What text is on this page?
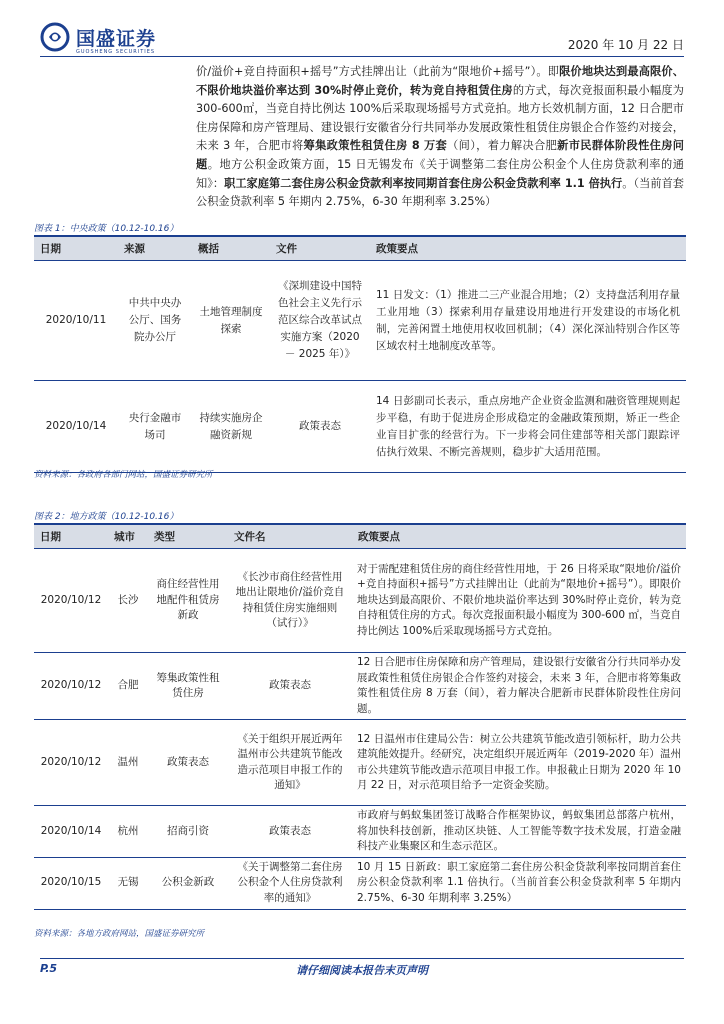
国盛证券
GUOSHENG SECURITIES	2020 年 10 月 22 日
价/溢价+竞自持面积+摇号”方式挂牌出让（此前为“限地价+摇号”）。即限价地块达到最高限价、不限价地块溢价率达到 30%时停止竞价，转为竞自持租赁住房的方式，每次竞报面积最小幅度为300-600㎡，当竞自持比例达 100%后采取现场摇号方式竞拍。地方长效机制方面，12 日合肥市住房保障和房产管理局、建设银行安徽省分行共同举办发展政策性租赁住房银企合作签约对接会，未来 3 年，合肥市将筹集政策性租赁住房 8 万套（间），着力解决合肥新市民群体阶段性住房问题。地方公积金政策方面，15 日无锡发布《关于调整第二套住房公积金个人住房贷款利率的通知》：职工家庭第二套住房公积金贷款利率按同期首套住房公积金贷款利率 1.1 倍执行。（当前首套公积金贷款利率 5 年期内 2.75%，6-30 年期利率 3.25%）
图表 1：中央政策（10.12-10.16）
日期	来源	概括	文件	政策要点
2020/10/11	中共中央办公厅、国务院办公厅	土地管理制度探索	《深圳建设中国特色社会主义先行示范区综合改革试点实施方案（2020 － 2025 年）》	11 日发文：（1）推进二三产业混合用地；（2）支持盘活利用存量工业用地（3）探索利用存量建设用地进行开发建设的市场化机制，完善闲置土地使用权收回机制；（4）深化深汕特别合作区等区域农村土地制度改革等。
2020/10/14	央行金融市场司	持续实施房企融资新规	政策表态	14 日彭副司长表示，重点房地产企业资金监测和融资管理规则起步平稳，有助于促进房企形成稳定的金融政策预期，矫正一些企业盲目扩张的经营行为。下一步将会同住建部等相关部门跟踪评估执行效果、不断完善规则，稳步扩大适用范围。
资料来源：各政府各部门网站，国盛证券研究所
图表 2：地方政策（10.12-10.16）
日期	城市	类型	文件名	政策要点
2020/10/12	长沙	商住经营性用地配件租赁房新政	《长沙市商住经营性用地出让限地价/溢价竞自持租赁住房实施细则（试行）》	对于需配建租赁住房的商住经营性用地，于 26 日将采取“限地价/溢价+竞自持面积+摇号”方式挂牌出让（此前为“限地价+摇号”）。即限价地块达到最高限价、不限价地块溢价率达到 30%时停止竞价，转为竞自持租赁住房的方式。每次竞报面积最小幅度为 300-600 ㎡，当竞自持比例达 100%后采取现场摇号方式竞拍。
2020/10/12	合肥	筹集政策性租赁住房	政策表态	12 日合肥市住房保障和房产管理局，建设银行安徽省分行共同举办发展政策性租赁住房银企合作签约对接会，未来 3 年，合肥市将筹集政策性租赁住房 8 万套（间），着力解决合肥新市民群体阶段性住房问题。
2020/10/12	温州	政策表态	《关于组织开展近两年温州市公共建筑节能改造示范项目申报工作的通知》	12 日温州市住建局公告：树立公共建筑节能改造引领标杆，助力公共建筑能效提升。经研究，决定组织开展近两年（2019-2020 年）温州市公共建筑节能改造示范项目申报工作。申报截止日期为 2020 年 10 月 22 日，对示范项目给予一定资金奖励。
2020/10/14	杭州	招商引资	政策表态	市政府与蚂蚁集团签订战略合作框架协议，蚂蚁集团总部落户杭州，将加快科技创新，推动区块链、人工智能等数字技术发展，打造金融科技产业集聚区和生态示范区。
2020/10/15	无锡	公积金新政	《关于调整第二套住房公积金个人住房贷款利率的通知》	10 月 15 日新政：职工家庭第二套住房公积金贷款利率按同期首套住房公积金贷款利率 1.1 倍执行。（当前首套公积金贷款利率 5 年期内 2.75%、6-30 年期利率 3.25%）
资料来源：各地方政府网站，国盛证券研究所
P.5	请仔细阅读本报告末页声明
